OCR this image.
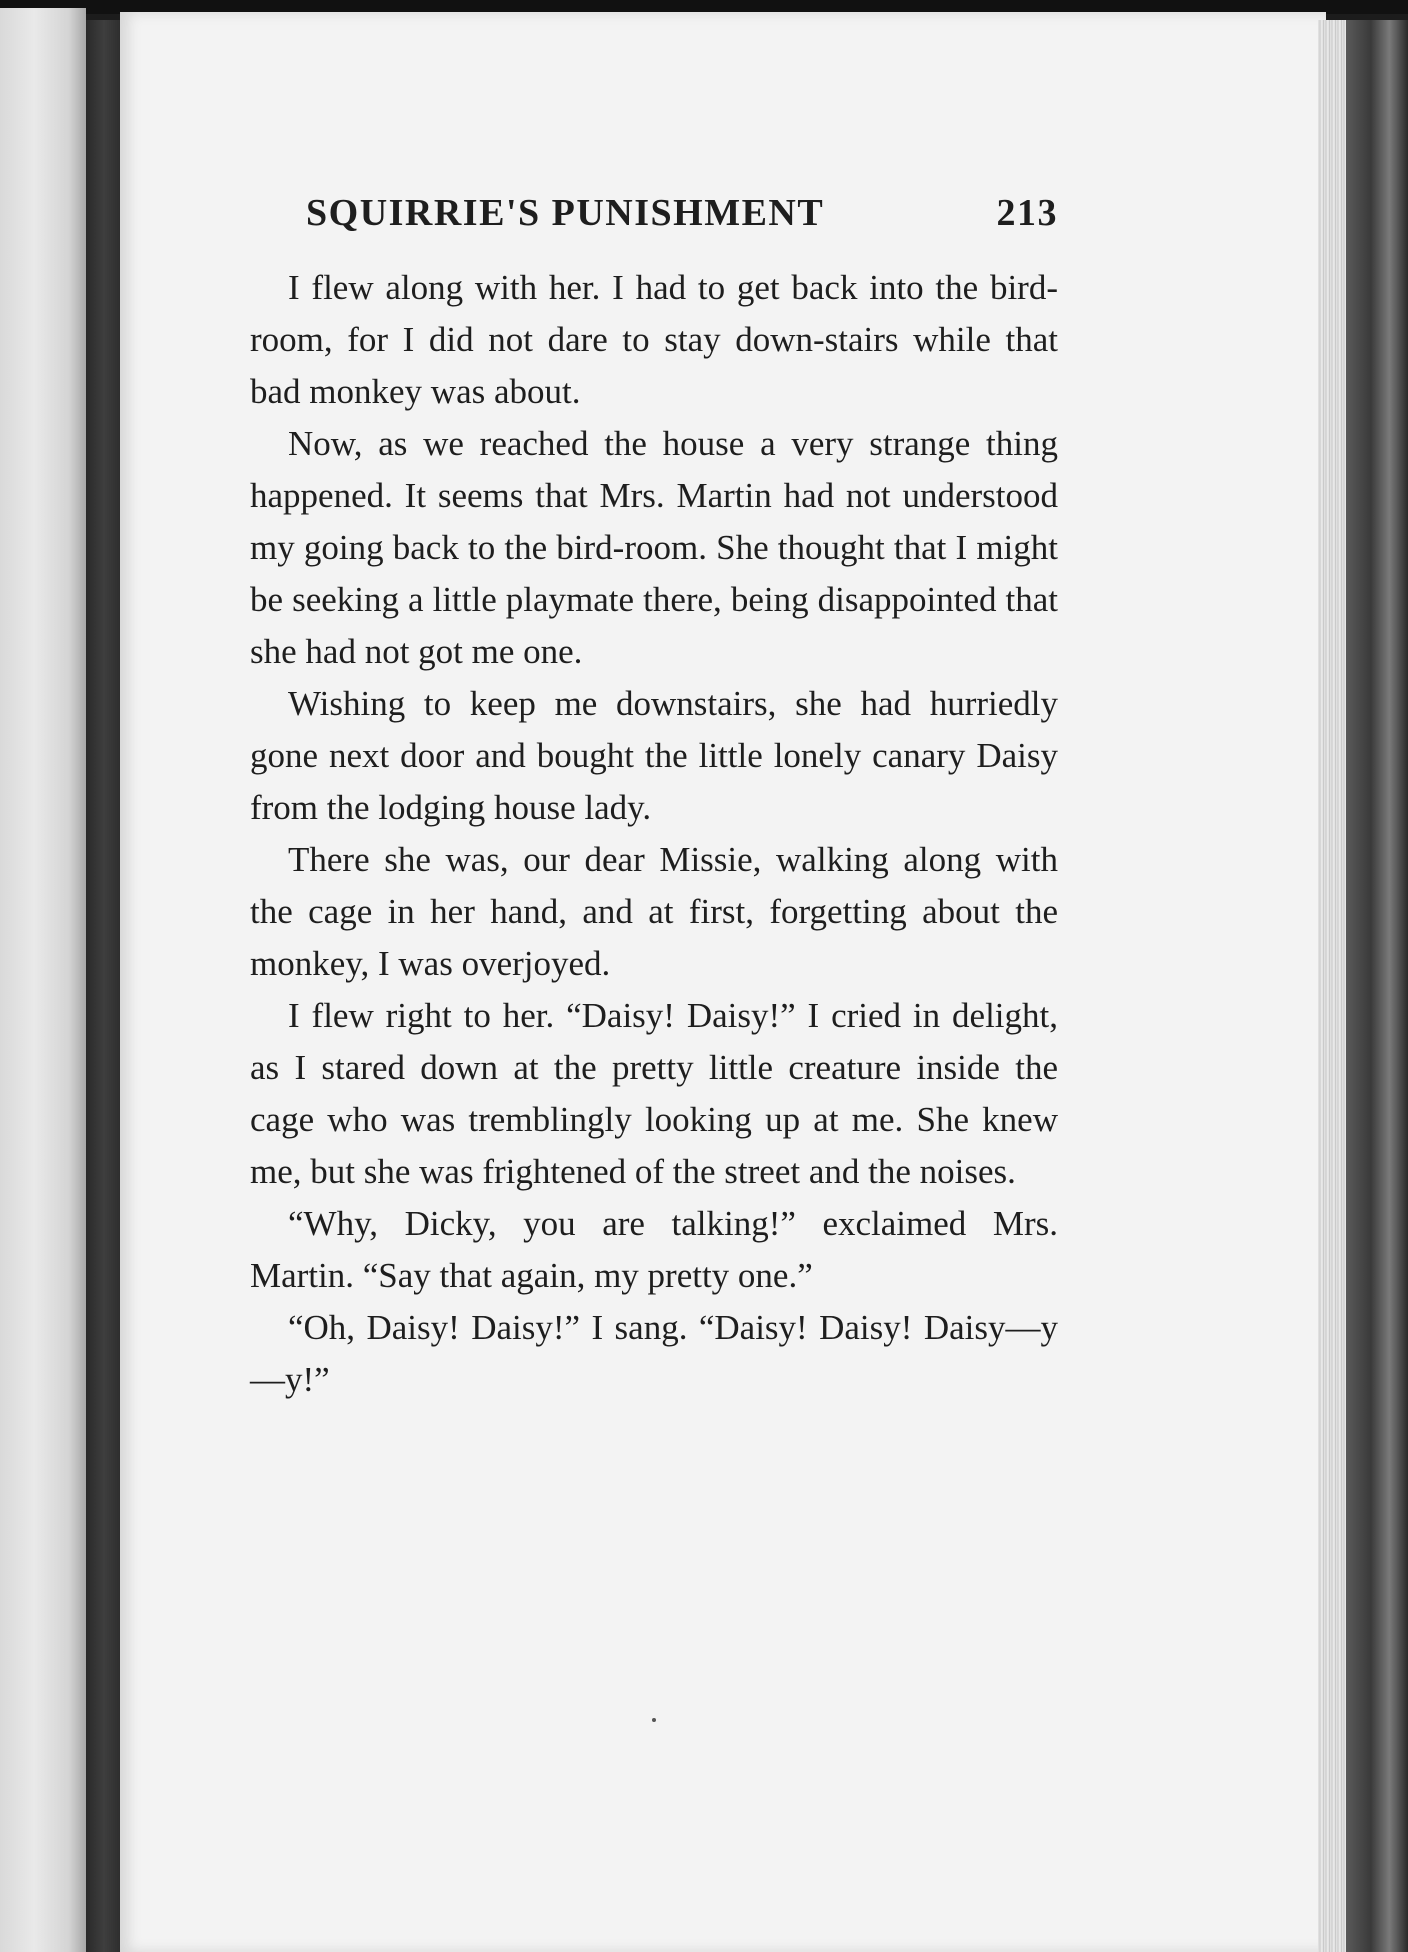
SQUIRRIE'S PUNISHMENT	213

I flew along with her. I had to get back into the bird-room, for I did not dare to stay down-stairs while that bad monkey was about.

Now, as we reached the house a very strange thing happened. It seems that Mrs. Martin had not understood my going back to the bird-room. She thought that I might be seeking a little playmate there, being disappointed that she had not got me one.

Wishing to keep me downstairs, she had hurriedly gone next door and bought the little lonely canary Daisy from the lodging house lady.

There she was, our dear Missie, walking along with the cage in her hand, and at first, forgetting about the monkey, I was overjoyed.

I flew right to her. “Daisy! Daisy!” I cried in delight, as I stared down at the pretty little creature inside the cage who was tremblingly looking up at me. She knew me, but she was frightened of the street and the noises.

“Why, Dicky, you are talking!” exclaimed Mrs. Martin. “Say that again, my pretty one.”

“Oh, Daisy! Daisy!” I sang. “Daisy! Daisy! Daisy—y—y!”
